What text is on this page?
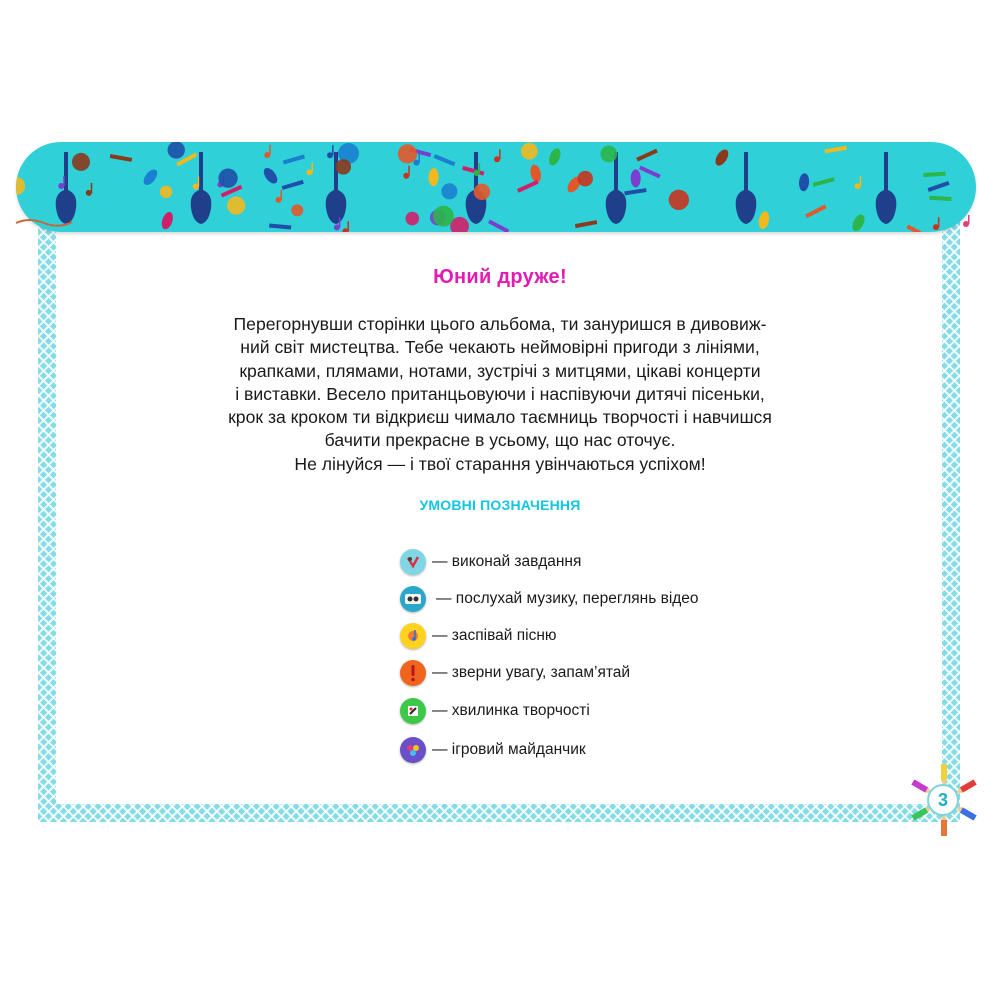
Юний друже!
Перегорнувши сторінки цього альбома, ти зануришся в дивовиж-
ний світ мистецтва. Тебе чекають неймовірні пригоди з лініями,
крапками, плямами, нотами, зустрічі з митцями, цікаві концерти
і виставки. Весело пританцьовуючи і наспівуючи дитячі пісеньки,
крок за кроком ти відкриєш чимало таємниць творчості і навчишся
бачити прекрасне в усьому, що нас оточує.
Не лінуйся — і твої старання увінчаються успіхом!
УМОВНІ ПОЗНАЧЕННЯ
— виконай завдання
— послухай музику, переглянь відео
— заспівай пісню
— зверни увагу, запам’ятай
— хвилинка творчості
— ігровий майданчик
3
